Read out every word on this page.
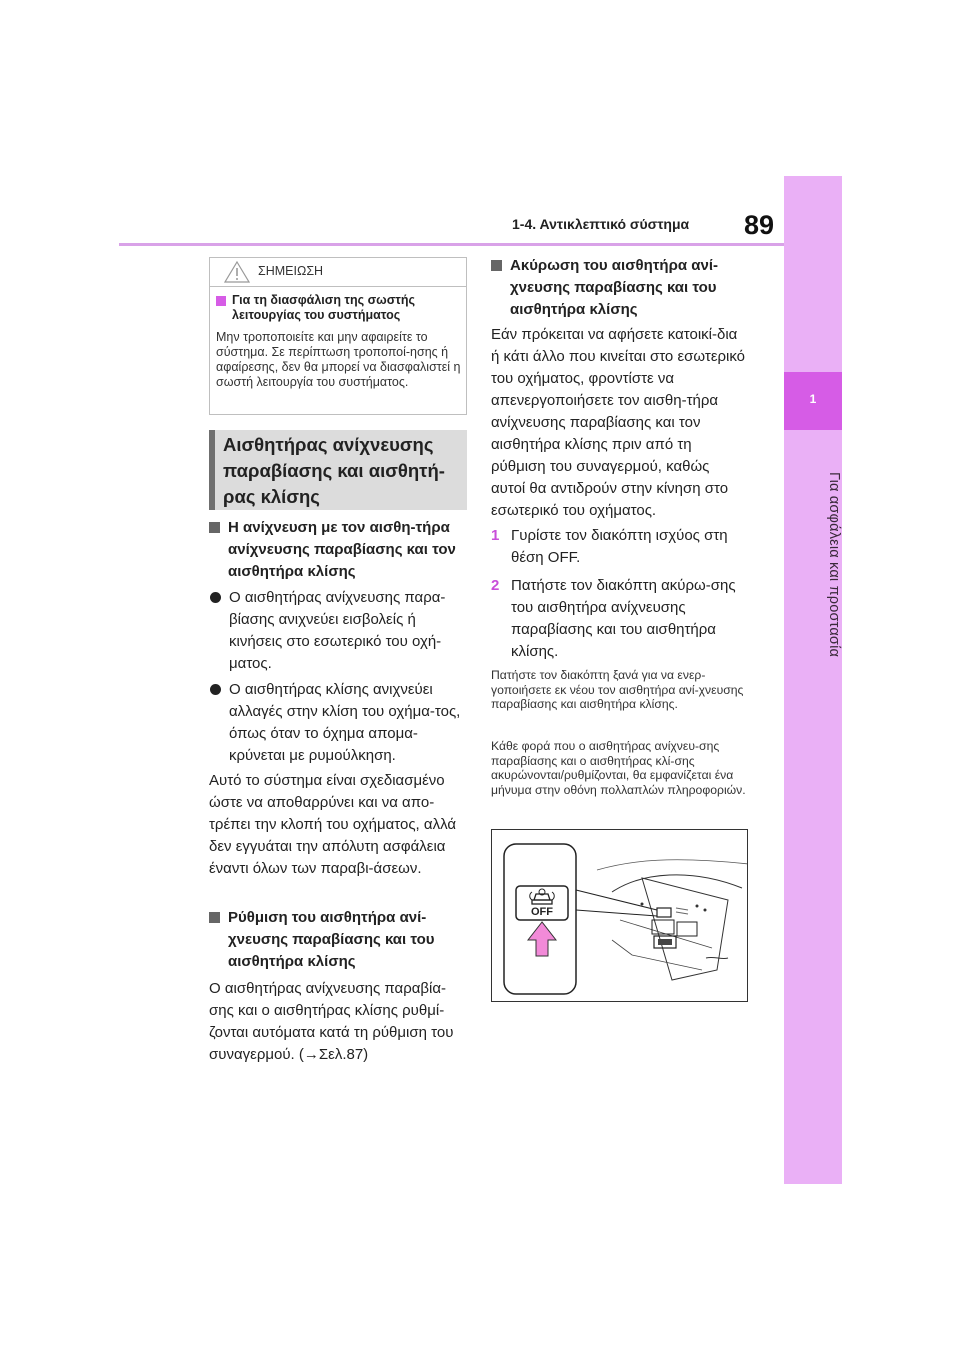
1-4. Αντικλεπτικό σύστημα 89
1
Για ασφάλεια και προστασία
ΣΗΜΕΙΩΣΗ
Για τη διασφάλιση της σωστής λειτουργίας του συστήματος
Μην τροποποιείτε και μην αφαιρείτε το σύστημα. Σε περίπτωση τροποποί-ησης ή αφαίρεσης, δεν θα μπορεί να διασφαλιστεί η σωστή λειτουργία του συστήματος.
Αισθητήρας ανίχνευσης παραβίασης και αισθητή-ρας κλίσης
Η ανίχνευση με τον αισθη-τήρα ανίχνευσης παραβίασης και τον αισθητήρα κλίσης
Ο αισθητήρας ανίχνευσης παρα-βίασης ανιχνεύει εισβολείς ή κινήσεις στο εσωτερικό του οχή-ματος.
Ο αισθητήρας κλίσης ανιχνεύει αλλαγές στην κλίση του οχήμα-τος, όπως όταν το όχημα απομα-κρύνεται με ρυμούλκηση.
Αυτό το σύστημα είναι σχεδιασμένο ώστε να αποθαρρύνει και να απο-τρέπει την κλοπή του οχήματος, αλλά δεν εγγυάται την απόλυτη ασφάλεια έναντι όλων των παραβι-άσεων.
Ρύθμιση του αισθητήρα ανί-χνευσης παραβίασης και του αισθητήρα κλίσης
Ο αισθητήρας ανίχνευσης παραβία-σης και ο αισθητήρας κλίσης ρυθμί-ζονται αυτόματα κατά τη ρύθμιση του συναγερμού. (→Σελ.87)
Ακύρωση του αισθητήρα ανί-χνευσης παραβίασης και του αισθητήρα κλίσης
Εάν πρόκειται να αφήσετε κατοικί-δια ή κάτι άλλο που κινείται στο εσωτερικό του οχήματος, φροντίστε να απενεργοποιήσετε τον αισθη-τήρα ανίχνευσης παραβίασης και τον αισθητήρα κλίσης πριν από τη ρύθμιση του συναγερμού, καθώς αυτοί θα αντιδρούν στην κίνηση στο εσωτερικό του οχήματος.
1 Γυρίστε τον διακόπτη ισχύος στη θέση OFF.
2 Πατήστε τον διακόπτη ακύρω-σης του αισθητήρα ανίχνευσης παραβίασης και του αισθητήρα κλίσης.
Πατήστε τον διακόπτη ξανά για να ενερ-γοποιήσετε εκ νέου τον αισθητήρα ανί-χνευσης παραβίασης και αισθητήρα κλίσης.
Κάθε φορά που ο αισθητήρας ανίχνευ-σης παραβίασης και ο αισθητήρας κλί-σης ακυρώνονται/ρυθμίζονται, θα εμφανίζεται ένα μήνυμα στην οθόνη πολλαπλών πληροφοριών.
OFF
